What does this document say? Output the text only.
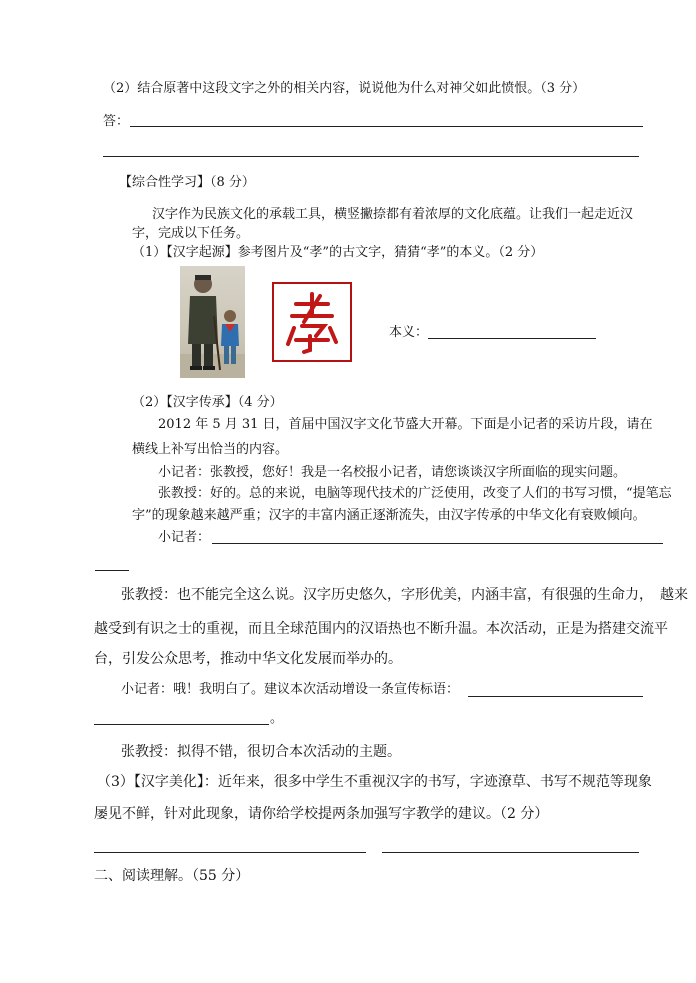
（2）结合原著中这段文字之外的相关内容，说说他为什么对神父如此愤恨。（3 分）
答：
【综合性学习】（8 分）
汉字作为民族文化的承载工具，横竖撇捺都有着浓厚的文化底蕴。让我们一起走近汉
字，完成以下任务。
（1）【汉字起源】参考图片及“孝”的古文字，猜猜“孝”的本义。（2 分）
本义：
（2）【汉字传承】（4 分）
2012 年 5 月 31 日，首届中国汉字文化节盛大开幕。下面是小记者的采访片段，请在
横线上补写出恰当的内容。
小记者：张教授，您好！我是一名校报小记者，请您谈谈汉字所面临的现实问题。
张教授：好的。总的来说，电脑等现代技术的广泛使用，改变了人们的书写习惯，“提笔忘
字”的现象越来越严重；汉字的丰富内涵正逐渐流失，由汉字传承的中华文化有衰败倾向。
小记者：
张教授：也不能完全这么说。汉字历史悠久，字形优美，内涵丰富，有很强的生命力，　越来
越受到有识之士的重视，而且全球范围内的汉语热也不断升温。本次活动，正是为搭建交流平
台，引发公众思考，推动中华文化发展而举办的。
小记者：哦！我明白了。建议本次活动增设一条宣传标语：
。
张教授：拟得不错，很切合本次活动的主题。
（3）【汉字美化】：近年来，很多中学生不重视汉字的书写，字迹潦草、书写不规范等现象
屡见不鲜，针对此现象，请你给学校提两条加强写字教学的建议。（2 分）
二、阅读理解。（55 分）
